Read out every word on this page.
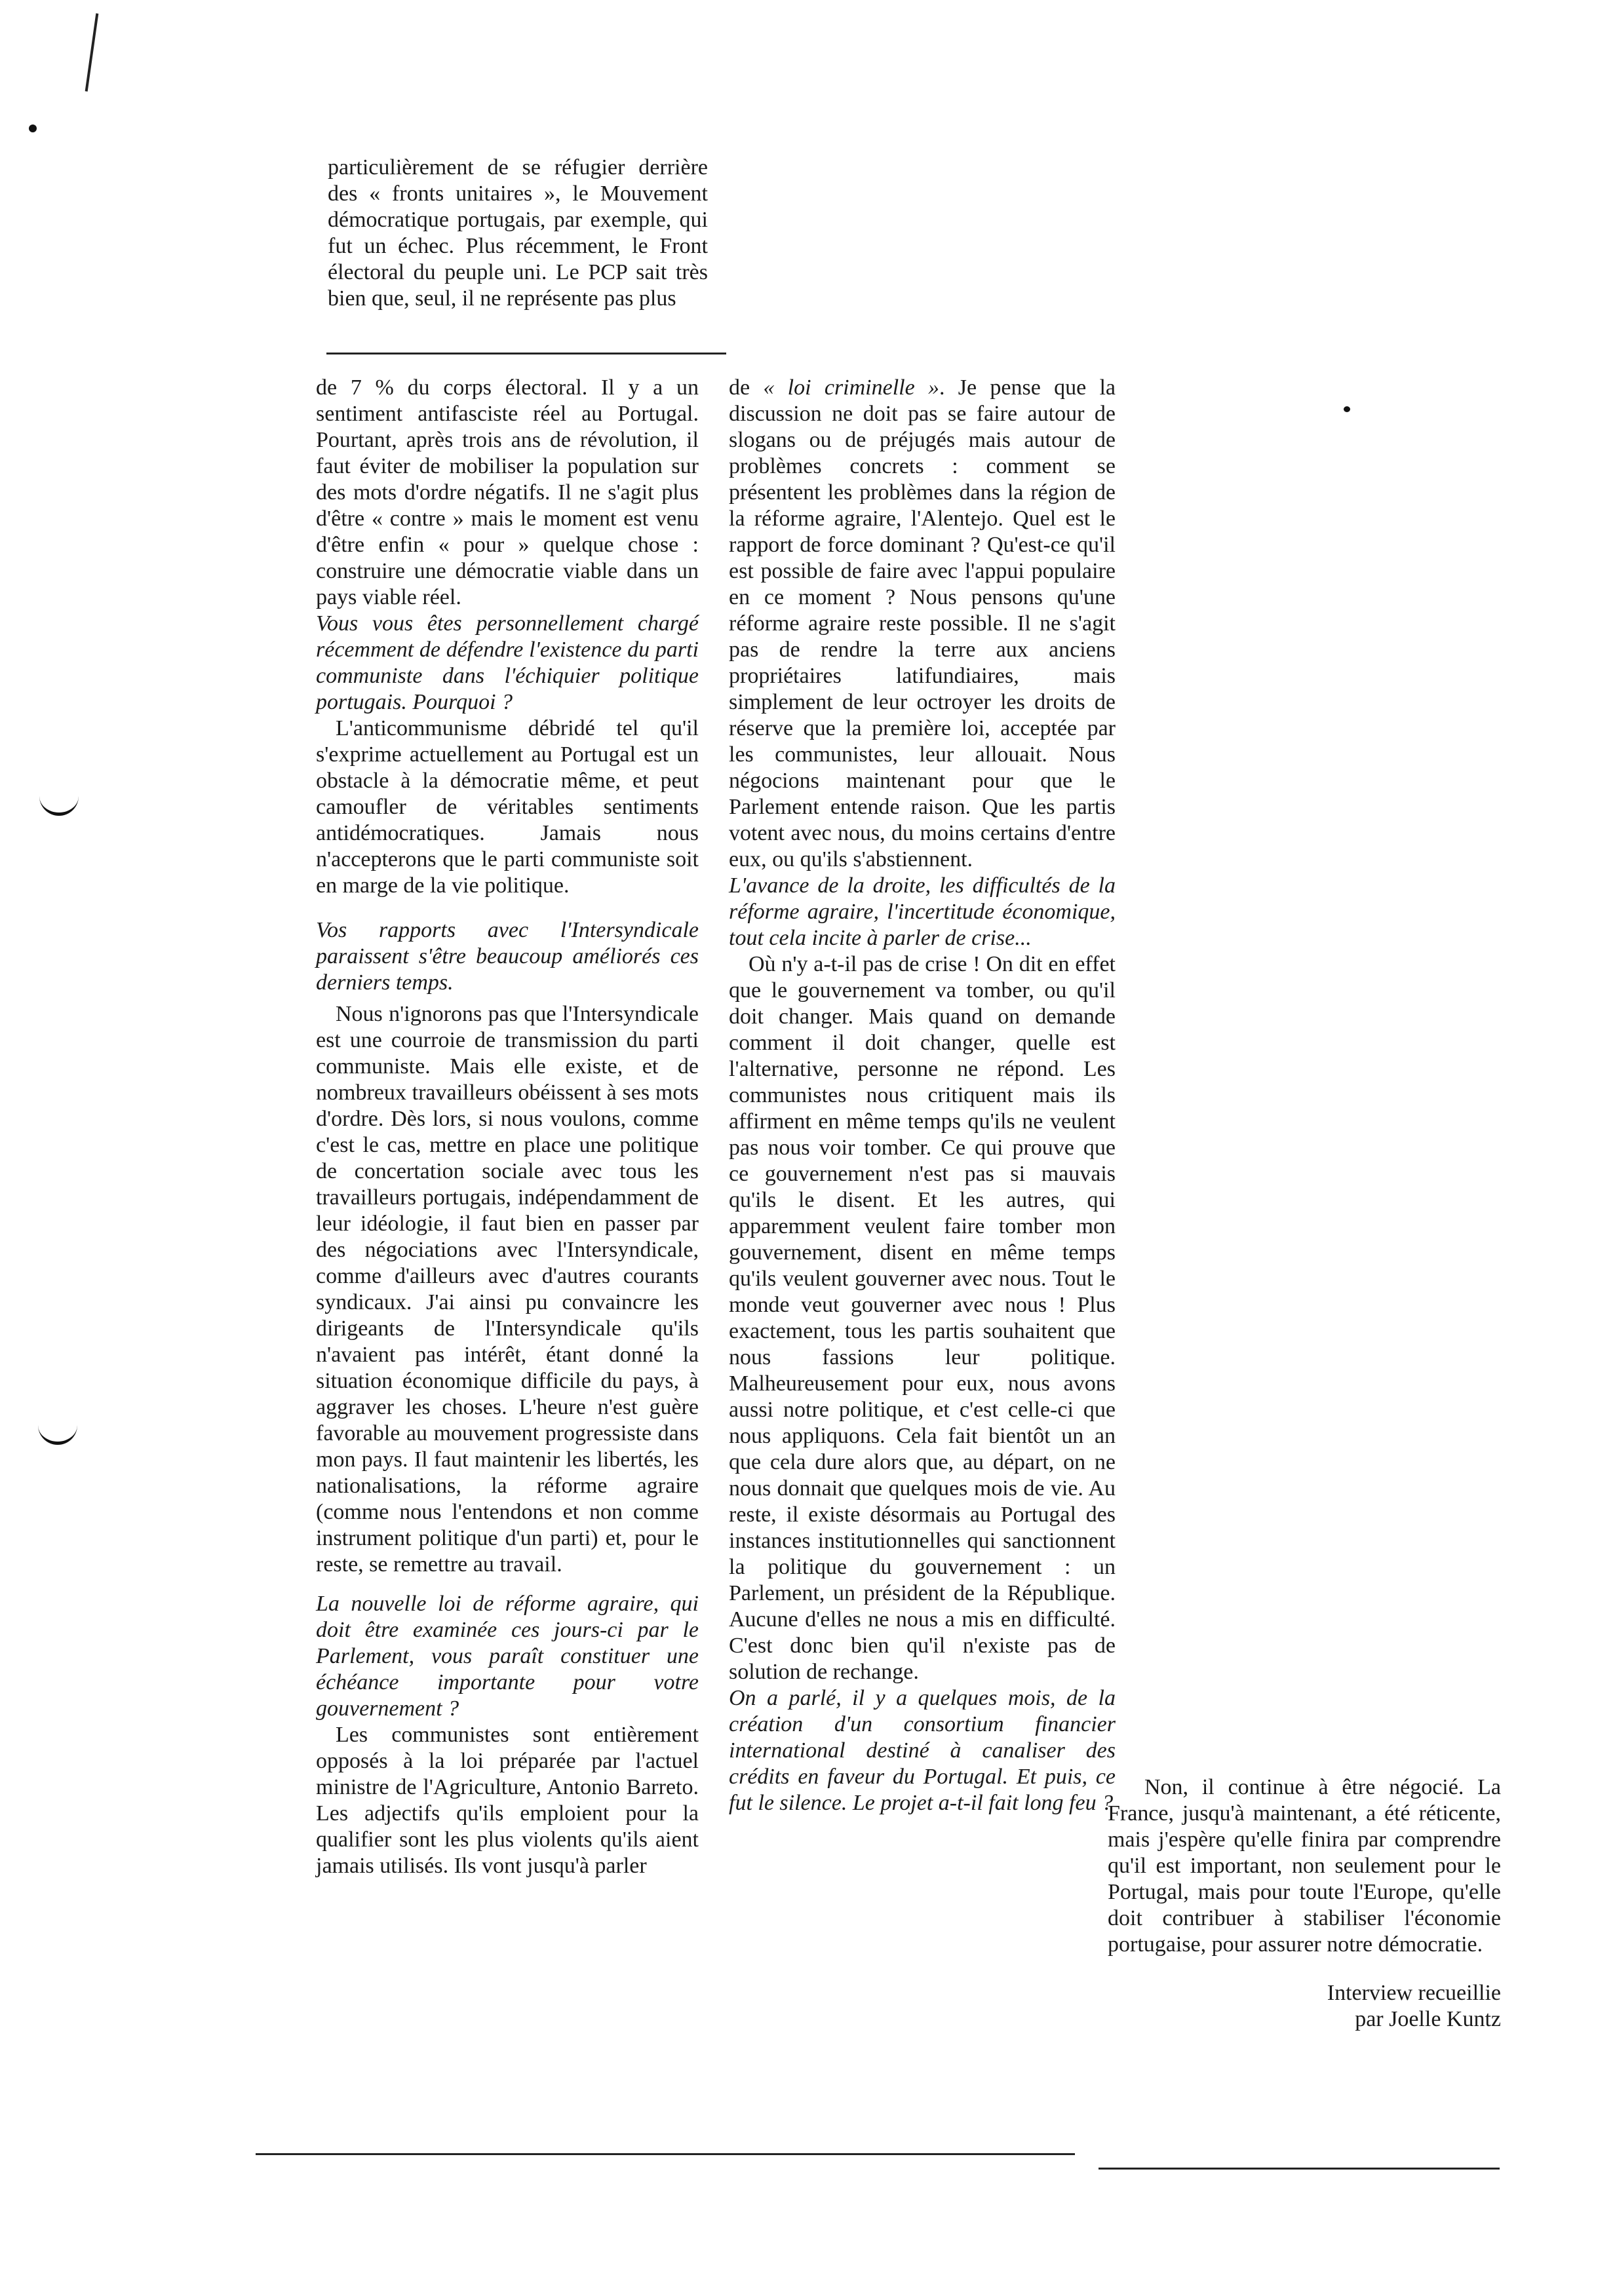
particulièrement de se réfugier derrière des « fronts unitaires », le Mouvement démocratique portugais, par exemple, qui fut un échec. Plus récemment, le Front électoral du peuple uni. Le PCP sait très bien que, seul, il ne représente pas plus

de 7 % du corps électoral. Il y a un sentiment antifasciste réel au Portugal. Pourtant, après trois ans de révolution, il faut éviter de mobiliser la population sur des mots d'ordre négatifs. Il ne s'agit plus d'être « contre » mais le moment est venu d'être enfin « pour » quelque chose : construire une démocratie viable dans un pays viable réel.

Vous vous êtes personnellement chargé récemment de défendre l'existence du parti communiste dans l'échiquier politique portugais. Pourquoi ?

L'anticommunisme débridé tel qu'il s'exprime actuellement au Portugal est un obstacle à la démocratie même, et peut camoufler de véritables sentiments antidémocratiques. Jamais nous n'accepterons que le parti communiste soit en marge de la vie politique.

Vos rapports avec l'Intersyndicale paraissent s'être beaucoup améliorés ces derniers temps.

Nous n'ignorons pas que l'Intersyndicale est une courroie de transmission du parti communiste. Mais elle existe, et de nombreux travailleurs obéissent à ses mots d'ordre. Dès lors, si nous voulons, comme c'est le cas, mettre en place une politique de concertation sociale avec tous les travailleurs portugais, indépendamment de leur idéologie, il faut bien en passer par des négociations avec l'Intersyndicale, comme d'ailleurs avec d'autres courants syndicaux. J'ai ainsi pu convaincre les dirigeants de l'Intersyndicale qu'ils n'avaient pas intérêt, étant donné la situation économique difficile du pays, à aggraver les choses. L'heure n'est guère favorable au mouvement progressiste dans mon pays. Il faut maintenir les libertés, les nationalisations, la réforme agraire (comme nous l'entendons et non comme instrument politique d'un parti) et, pour le reste, se remettre au travail.

La nouvelle loi de réforme agraire, qui doit être examinée ces jours-ci par le Parlement, vous paraît constituer une échéance importante pour votre gouvernement ?

Les communistes sont entièrement opposés à la loi préparée par l'actuel ministre de l'Agriculture, Antonio Barreto. Les adjectifs qu'ils emploient pour la qualifier sont les plus violents qu'ils aient jamais utilisés. Ils vont jusqu'à parler

de « loi criminelle ». Je pense que la discussion ne doit pas se faire autour de slogans ou de préjugés mais autour de problèmes concrets : comment se présentent les problèmes dans la région de la réforme agraire, l'Alentejo. Quel est le rapport de force dominant ? Qu'est-ce qu'il est possible de faire avec l'appui populaire en ce moment ? Nous pensons qu'une réforme agraire reste possible. Il ne s'agit pas de rendre la terre aux anciens propriétaires latifundiaires, mais simplement de leur octroyer les droits de réserve que la première loi, acceptée par les communistes, leur allouait. Nous négocions maintenant pour que le Parlement entende raison. Que les partis votent avec nous, du moins certains d'entre eux, ou qu'ils s'abstiennent.

L'avance de la droite, les difficultés de la réforme agraire, l'incertitude économique, tout cela incite à parler de crise...

Où n'y a-t-il pas de crise ! On dit en effet que le gouvernement va tomber, ou qu'il doit changer. Mais quand on demande comment il doit changer, quelle est l'alternative, personne ne répond. Les communistes nous critiquent mais ils affirment en même temps qu'ils ne veulent pas nous voir tomber. Ce qui prouve que ce gouvernement n'est pas si mauvais qu'ils le disent. Et les autres, qui apparemment veulent faire tomber mon gouvernement, disent en même temps qu'ils veulent gouverner avec nous. Tout le monde veut gouverner avec nous ! Plus exactement, tous les partis souhaitent que nous fassions leur politique. Malheureusement pour eux, nous avons aussi notre politique, et c'est celle-ci que nous appliquons. Cela fait bientôt un an que cela dure alors que, au départ, on ne nous donnait que quelques mois de vie. Au reste, il existe désormais au Portugal des instances institutionnelles qui sanctionnent la politique du gouvernement : un Parlement, un président de la République. Aucune d'elles ne nous a mis en difficulté. C'est donc bien qu'il n'existe pas de solution de rechange.

On a parlé, il y a quelques mois, de la création d'un consortium financier international destiné à canaliser des crédits en faveur du Portugal. Et puis, ce fut le silence. Le projet a-t-il fait long feu ?

Non, il continue à être négocié. La France, jusqu'à maintenant, a été réticente, mais j'espère qu'elle finira par comprendre qu'il est important, non seulement pour le Portugal, mais pour toute l'Europe, qu'elle doit contribuer à stabiliser l'économie portugaise, pour assurer notre démocratie.

Interview recueillie

par Joelle Kuntz
